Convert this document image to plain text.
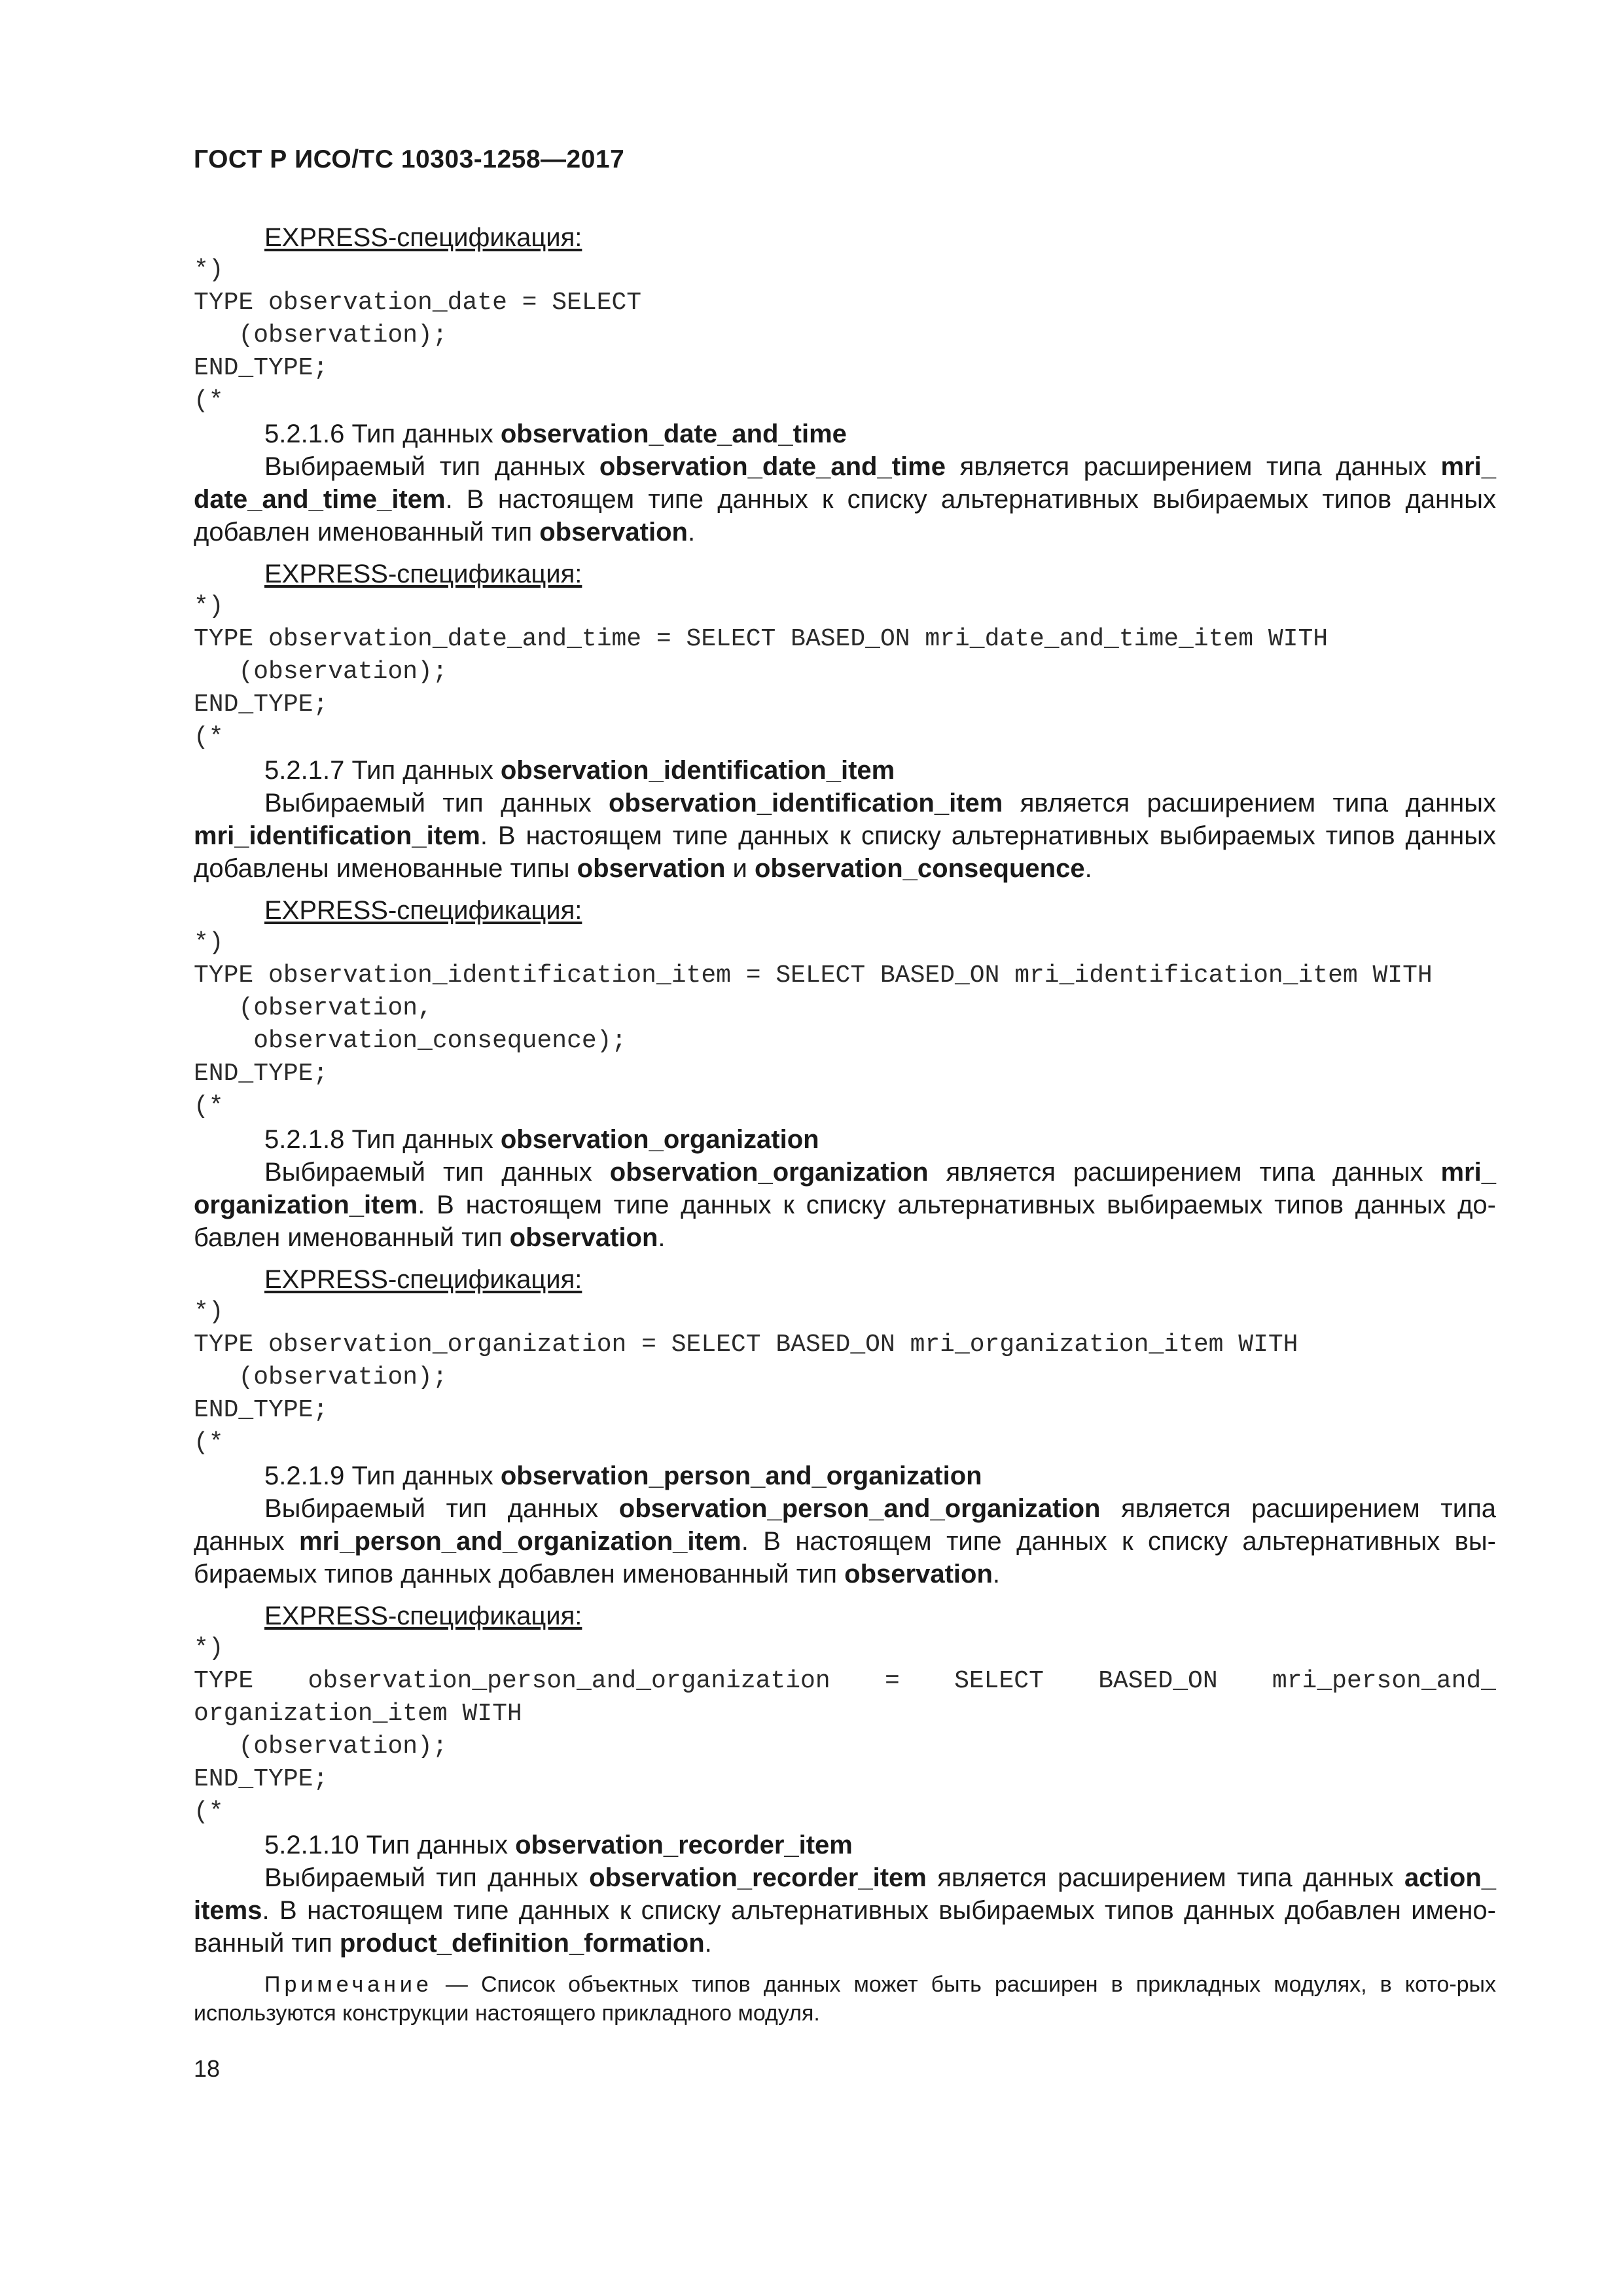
ГОСТ Р ИСО/ТС 10303-1258—2017
EXPRESS-спецификация:
*)
TYPE observation_date = SELECT
(observation);
END_TYPE;
(*
5.2.1.6 Тип данных observation_date_and_time
Выбираемый тип данных observation_date_and_time является расширением типа данных mri_ date_and_time_item. В настоящем типе данных к списку альтернативных выбираемых типов данных добавлен именованный тип observation.
EXPRESS-спецификация:
*)
TYPE observation_date_and_time = SELECT BASED_ON mri_date_and_time_item WITH
(observation);
END_TYPE;
(*
5.2.1.7 Тип данных observation_identification_item
Выбираемый тип данных observation_identification_item является расширением типа данных mri_identification_item. В настоящем типе данных к списку альтернативных выбираемых типов данных добавлены именованные типы observation и observation_consequence.
EXPRESS-спецификация:
*)
TYPE observation_identification_item = SELECT BASED_ON mri_identification_item WITH
(observation,
observation_consequence);
END_TYPE;
(*
5.2.1.8 Тип данных observation_organization
Выбираемый тип данных observation_organization является расширением типа данных mri_ organization_item. В настоящем типе данных к списку альтернативных выбираемых типов данных до-бавлен именованный тип observation.
EXPRESS-спецификация:
*)
TYPE observation_organization = SELECT BASED_ON mri_organization_item WITH
(observation);
END_TYPE;
(*
5.2.1.9 Тип данных observation_person_and_organization
Выбираемый тип данных observation_person_and_organization является расширением типа данных mri_person_and_organization_item. В настоящем типе данных к списку альтернативных вы-бираемых типов данных добавлен именованный тип observation.
EXPRESS-спецификация:
*)
TYPE observation_person_and_organization = SELECT BASED_ON mri_person_and_
organization_item WITH
(observation);
END_TYPE;
(*
5.2.1.10 Тип данных observation_recorder_item
Выбираемый тип данных observation_recorder_item является расширением типа данных action_ items. В настоящем типе данных к списку альтернативных выбираемых типов данных добавлен имено-ванный тип product_definition_formation.
Примечание — Список объектных типов данных может быть расширен в прикладных модулях, в кото-рых используются конструкции настоящего прикладного модуля.
18
